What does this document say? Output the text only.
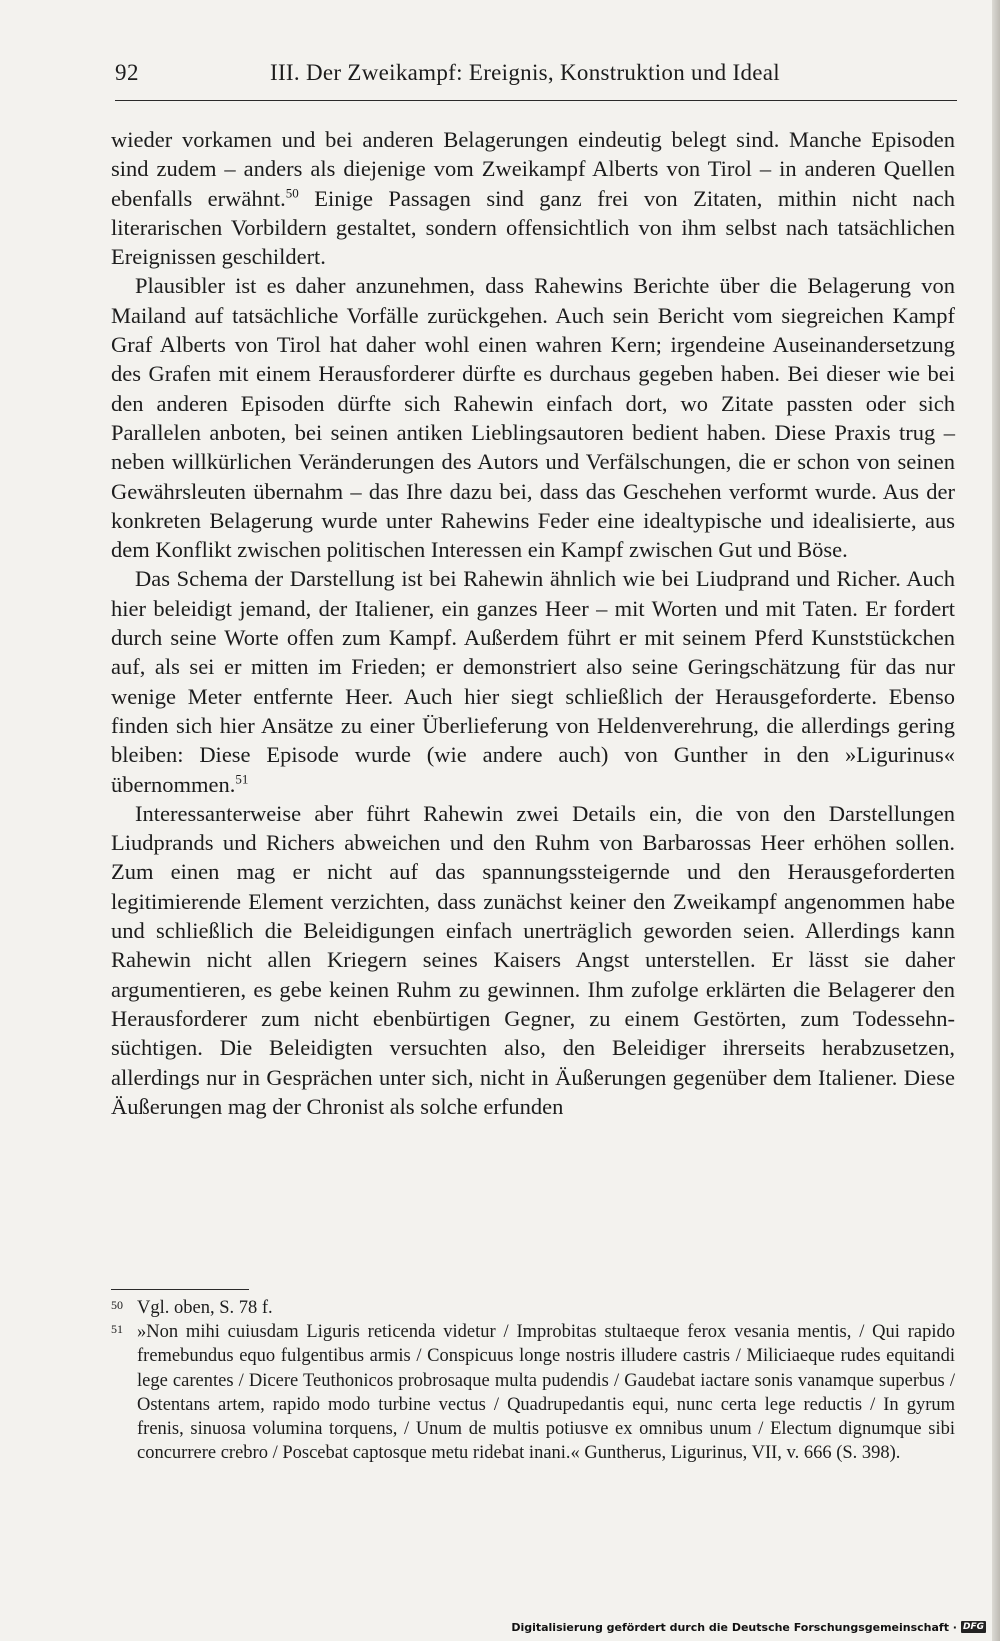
92	III. Der Zweikampf: Ereignis, Konstruktion und Ideal

wieder vorkamen und bei anderen Belagerungen eindeutig belegt sind. Manche Episoden sind zudem – anders als diejenige vom Zweikampf Alberts von Tirol – in anderen Quellen ebenfalls erwähnt.$^{50}$ Einige Passagen sind ganz frei von Zitaten, mithin nicht nach literarischen Vorbildern gestaltet, sondern offensichtlich von ihm selbst nach tatsächlichen Ereignissen geschildert.

Plausibler ist es daher anzunehmen, dass Rahewins Berichte über die Belagerung von Mailand auf tatsächliche Vorfälle zurückgehen. Auch sein Bericht vom siegreichen Kampf Graf Alberts von Tirol hat daher wohl einen wahren Kern; irgendeine Auseinandersetzung des Grafen mit einem Herausforderer dürfte es durchaus gegeben haben. Bei dieser wie bei den anderen Episoden dürfte sich Rahewin einfach dort, wo Zitate passten oder sich Parallelen anboten, bei seinen antiken Lieblingsautoren bedient haben. Diese Praxis trug – neben willkürlichen Veränderungen des Autors und Verfälschungen, die er schon von seinen Gewährsleuten übernahm – das Ihre dazu bei, dass das Geschehen verformt wurde. Aus der konkreten Belagerung wurde unter Rahewins Feder eine idealtypische und idealisierte, aus dem Konflikt zwischen politischen Interessen ein Kampf zwischen Gut und Böse.

Das Schema der Darstellung ist bei Rahewin ähnlich wie bei Liudprand und Richer. Auch hier beleidigt jemand, der Italiener, ein ganzes Heer – mit Worten und mit Taten. Er fordert durch seine Worte offen zum Kampf. Außerdem führt er mit seinem Pferd Kunststückchen auf, als sei er mitten im Frieden; er demonstriert also seine Geringschätzung für das nur wenige Meter entfernte Heer. Auch hier siegt schließlich der Herausgeforderte. Ebenso finden sich hier Ansätze zu einer Überlieferung von Heldenverehrung, die allerdings gering bleiben: Diese Episode wurde (wie andere auch) von Gunther in den »Ligurinus« übernommen.$^{51}$

Interessanterweise aber führt Rahewin zwei Details ein, die von den Darstellungen Liudprands und Richers abweichen und den Ruhm von Barbarossas Heer erhöhen sollen. Zum einen mag er nicht auf das spannungssteigernde und den Herausgeforderten legitimierende Element verzichten, dass zunächst keiner den Zweikampf angenommen habe und schließlich die Beleidigungen einfach unerträglich geworden seien. Allerdings kann Rahewin nicht allen Kriegern seines Kaisers Angst unterstellen. Er lässt sie daher argumentieren, es gebe keinen Ruhm zu gewinnen. Ihm zufolge erklärten die Belagerer den Herausforderer zum nicht ebenbürtigen Gegner, zu einem Gestörten, zum Todessehnsüchtigen. Die Beleidigten versuchten also, den Beleidiger ihrerseits herabzusetzen, allerdings nur in Gesprächen unter sich, nicht in Äußerungen gegenüber dem Italiener. Diese Äußerungen mag der Chronist als solche erfunden

50 Vgl. oben, S. 78 f.
51 »Non mihi cuiusdam Liguris reticenda videtur / Improbitas stultaeque ferox vesania mentis, / Qui rapido fremebundus equo fulgentibus armis / Conspicuus longe nostris illudere castris / Miliciaeque rudes equitandi lege carentes / Dicere Teuthonicos probrosaque multa pudendis / Gaudebat iactare sonis vanamque superbus / Ostentans artem, rapido modo turbine vectus / Quadrupedantis equi, nunc certa lege reductis / In gyrum frenis, sinuosa volumina torquens, / Unum de multis potiusve ex omnibus unum / Electum dignumque sibi concurrere crebro / Poscebat captosque metu ridebat inani.« Guntherus, Ligurinus, VII, v. 666 (S. 398).
Digitalisierung gefördert durch die Deutsche Forschungsgemeinschaft · DFG
